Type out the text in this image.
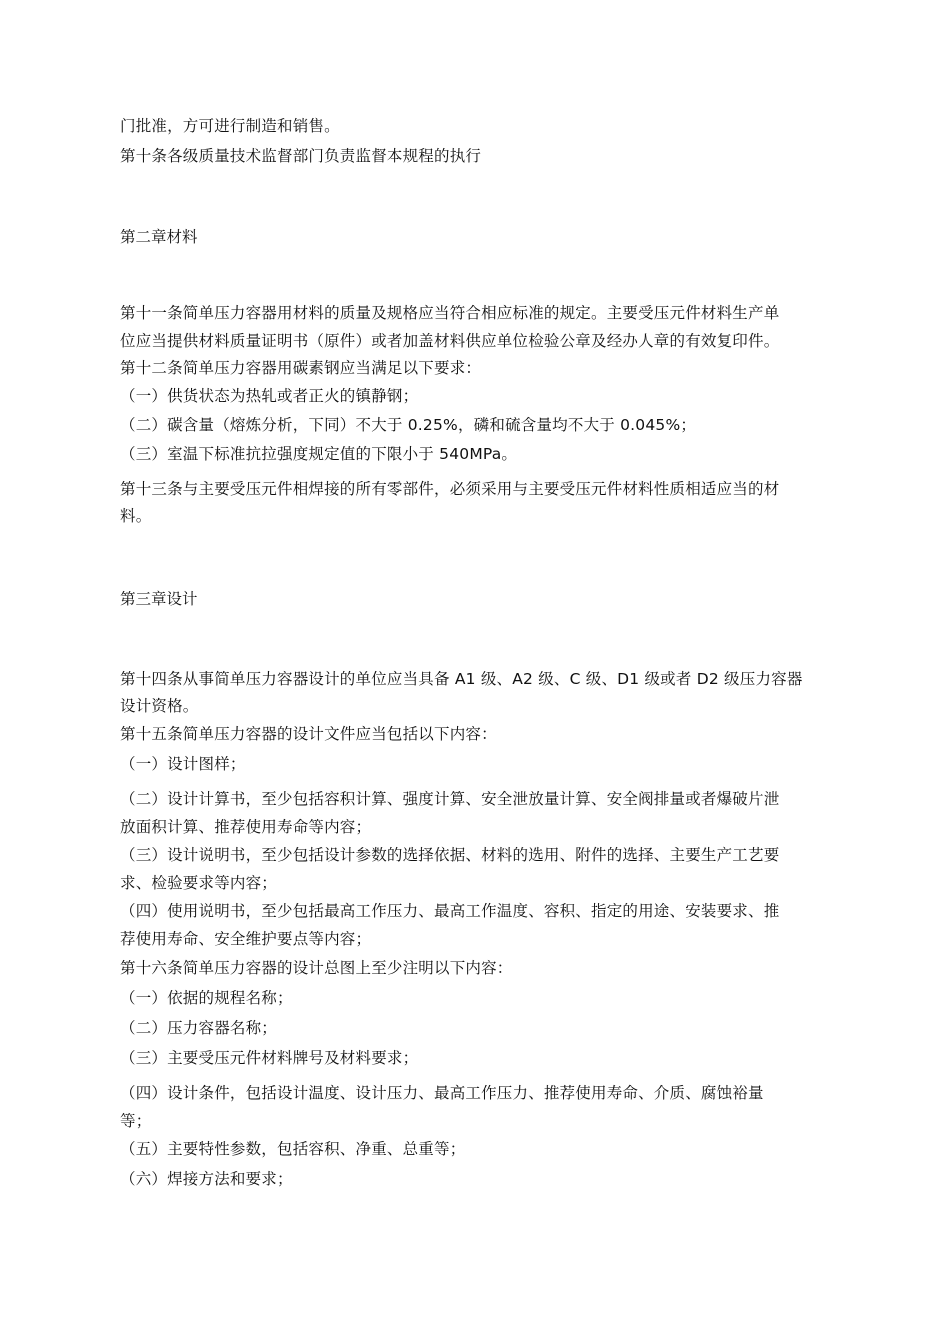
门批准，方可进行制造和销售。
第十条各级质量技术监督部门负责监督本规程的执行
第二章材料
第十一条简单压力容器用材料的质量及规格应当符合相应标准的规定。主要受压元件材料生产单
位应当提供材料质量证明书（原件）或者加盖材料供应单位检验公章及经办人章的有效复印件。
第十二条简单压力容器用碳素钢应当满足以下要求：
（一）供货状态为热轧或者正火的镇静钢；
（二）碳含量（熔炼分析，下同）不大于 0.25%，磷和硫含量均不大于 0.045%；
（三）室温下标准抗拉强度规定值的下限小于 540MPa。
第十三条与主要受压元件相焊接的所有零部件，必须采用与主要受压元件材料性质相适应当的材
料。
第三章设计
第十四条从事简单压力容器设计的单位应当具备 A1 级、A2 级、C 级、D1 级或者 D2 级压力容器
设计资格。
第十五条简单压力容器的设计文件应当包括以下内容：
（一）设计图样；
（二）设计计算书，至少包括容积计算、强度计算、安全泄放量计算、安全阀排量或者爆破片泄
放面积计算、推荐使用寿命等内容；
（三）设计说明书，至少包括设计参数的选择依据、材料的选用、附件的选择、主要生产工艺要
求、检验要求等内容；
（四）使用说明书，至少包括最高工作压力、最高工作温度、容积、指定的用途、安装要求、推
荐使用寿命、安全维护要点等内容；
第十六条简单压力容器的设计总图上至少注明以下内容：
（一）依据的规程名称；
（二）压力容器名称；
（三）主要受压元件材料牌号及材料要求；
（四）设计条件，包括设计温度、设计压力、最高工作压力、推荐使用寿命、介质、腐蚀裕量
等；
（五）主要特性参数，包括容积、净重、总重等；
（六）焊接方法和要求；
